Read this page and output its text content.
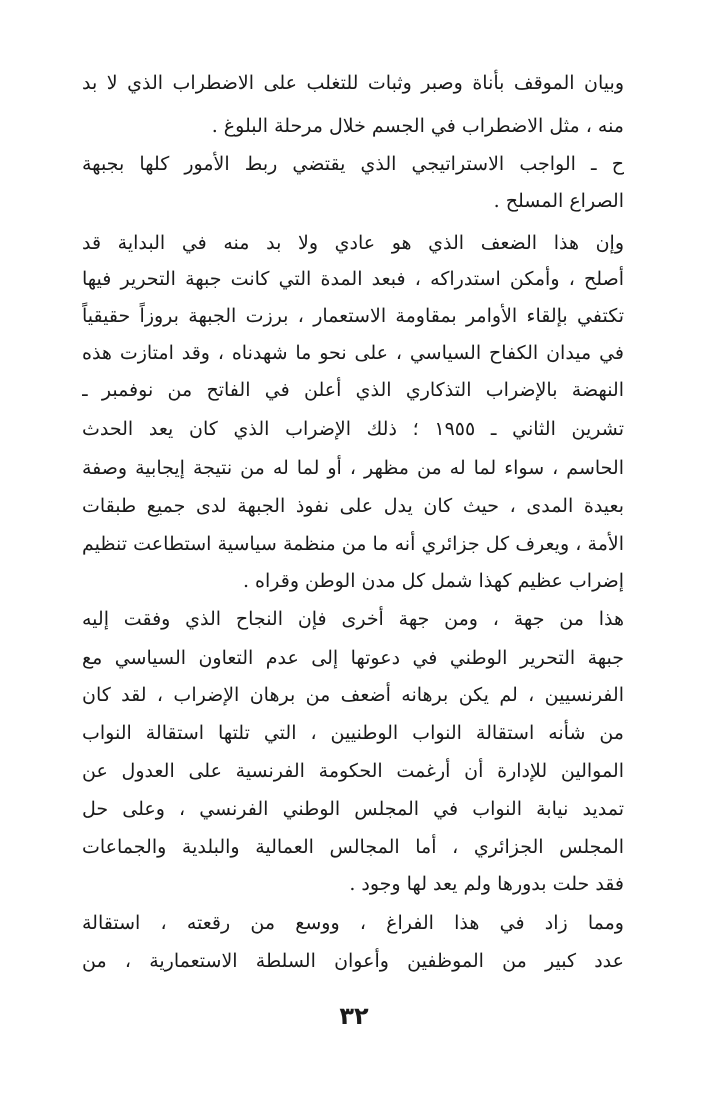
وبيان الموقف بأناة وصبر وثبات للتغلب على الاضطراب الذي لا بد
منه ، مثل الاضطراب في الجسم خلال مرحلة البلوغ .
ح ـ الواجب الاستراتيجي الذي يقتضي ربط الأمور كلها بجبهة
الصراع المسلح .
وإن هذا الضعف الذي هو عادي ولا بد منه في البداية قد
أصلح ، وأمكن استدراكه ، فبعد المدة التي كانت جبهة التحرير فيها
تكتفي بإلقاء الأوامر بمقاومة الاستعمار ، برزت الجبهة بروزاً حقيقياً
في ميدان الكفاح السياسي ، على نحو ما شهدناه ، وقد امتازت هذه
النهضة بالإضراب التذكاري الذي أعلن في الفاتح من نوفمبر ـ
تشرين الثاني ـ ١٩٥٥ ؛ ذلك الإضراب الذي كان يعد الحدث
الحاسم ، سواء لما له من مظهر ، أو لما له من نتيجة إيجابية وصفة
بعيدة المدى ، حيث كان يدل على نفوذ الجبهة لدى جميع طبقات
الأمة ، ويعرف كل جزائري أنه ما من منظمة سياسية استطاعت تنظيم
إضراب عظيم كهذا شمل كل مدن الوطن وقراه .
هذا من جهة ، ومن جهة أخرى فإن النجاح الذي وفقت إليه
جبهة التحرير الوطني في دعوتها إلى عدم التعاون السياسي مع
الفرنسيين ، لم يكن برهانه أضعف من برهان الإضراب ، لقد كان
من شأنه استقالة النواب الوطنيين ، التي تلتها استقالة النواب
الموالين للإدارة أن أرغمت الحكومة الفرنسية على العدول عن
تمديد نيابة النواب في المجلس الوطني الفرنسي ، وعلى حل
المجلس الجزائري ، أما المجالس العمالية والبلدية والجماعات
فقد حلت بدورها ولم يعد لها وجود .
ومما زاد في هذا الفراغ ، ووسع من رقعته ، استقالة
عدد كبير من الموظفين وأعوان السلطة الاستعمارية ، من
٣٢
